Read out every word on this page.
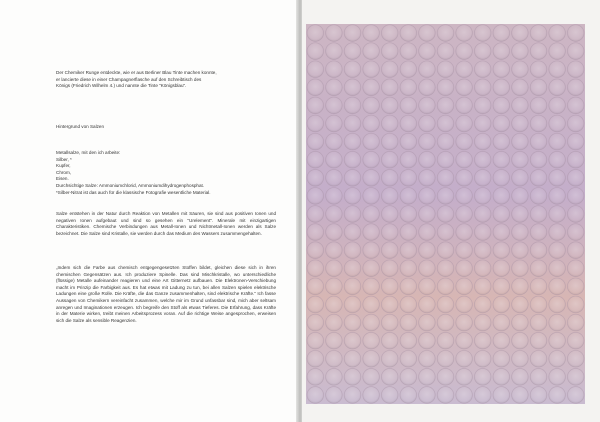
Der Chemiker Runge entdeckte, wie er aus Berliner Blau Tinte machen konnte,

er lancierte diese in einer Champagnerflasche auf den Schreibtisch des

Königs (Friedrich Wilhelm 4.) und nannte die Tinte "Königsblau".

Hintergrund von Salzen

Metallsalze, mit den ich arbeite:

Silber, *

Kupfer,

Chrom,

Eisen.

Durchsichtige Salze: Ammoniumchlorid, Ammoniumdihydrogenphosphat.

*Silber-Nitrat ist das auch für die klassische Fotografie wesentliche Material.

Salze entstehen in der Natur durch Reaktion von Metallen mit Säuren, sie sind aus positiven Ionen und negativen Ionen aufgebaut und sind so gesehen ein "Urelement". Minerale mit einzigartigen Charakteristiken. Chemische Verbindungen aus Metall-Ionen und Nichtmetall-Ionen werden als Salze bezeichnet. Die Salze sind Kristalle, sie werden durch das Medium des Wassers zusammengehalten.

„Indem sich die Farbe aus chemisch entgegengesetzten Stoffen bildet, gleichen diese sich in ihren chemischen Gegensätzen aus. Ich produziere Spinelle. Das sind Mischkristalle, wo unterschiedliche (flüssige) Metalle aufeinander reagieren und eine Art Gitternetz aufbauen. Die Elektronen-Verschiebung macht im Prinzip die Farbigkeit aus. Es hat etwas mit Ladung zu tun, bei allen Salzen spielen elektrische Ladungen eine große Rolle. Die Kräfte, die das Ganze zusammenhalten, sind elektrische Kräfte." Ich fasse Aussagen von Chemikern vereinfacht zusammen, welche mir im Grund unfassbar sind, mich aber seltsam anregen und Imaginationen erzeugen. Ich begreife den Stoff als etwas Tieferes. Die Erfahrung, dass Kräfte in der Materie wirken, treibt meinen Arbeitsprozess voran. Auf die richtige Weise angesprochen, erweisen sich die Salze als sensible Reagenzien.
